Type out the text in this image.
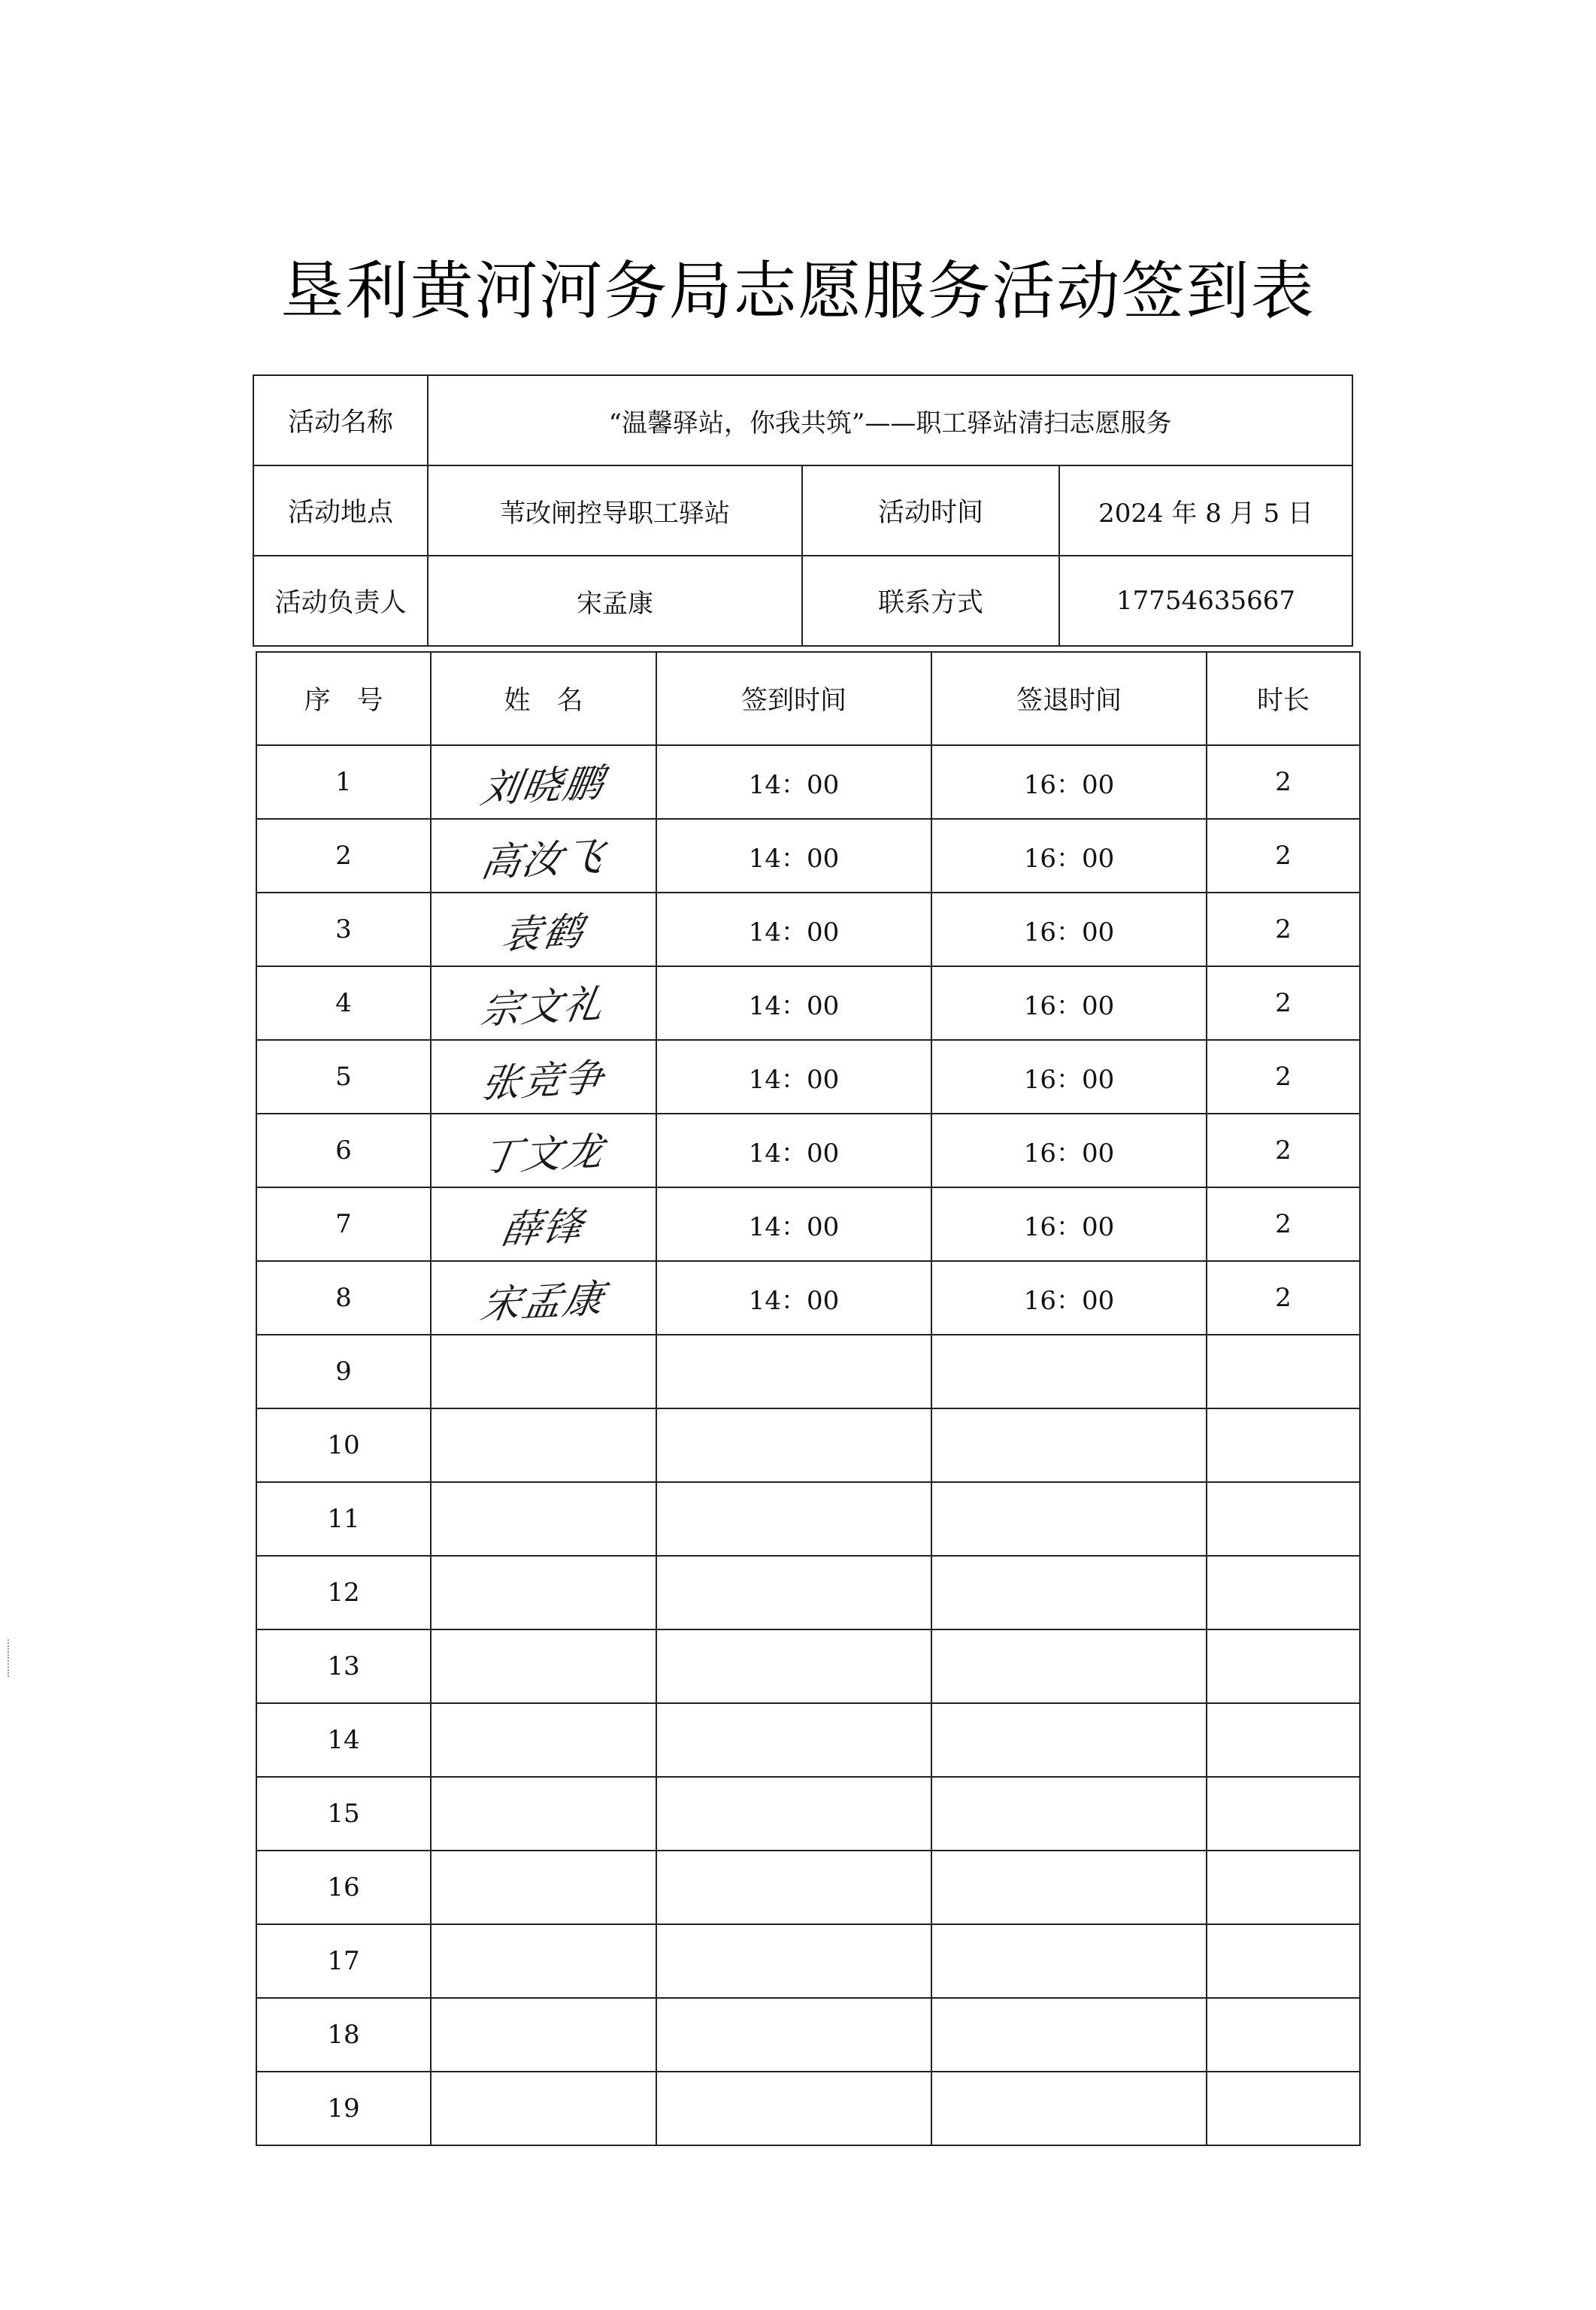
垦利黄河河务局志愿服务活动签到表
活动名称	“温馨驿站，你我共筑”——职工驿站清扫志愿服务		
活动地点	苇改闸控导职工驿站	活动时间	2024 年 8 月 5 日
活动负责人	宋孟康	联系方式	17754635667
序　号	姓　名	签到时间	签退时间	时长
1	刘晓鹏	14：00	16：00	2
2	高汝飞	14：00	16：00	2
3	袁鹤	14：00	16：00	2
4	宗文礼	14：00	16：00	2
5	张竞争	14：00	16：00	2
6	丁文龙	14：00	16：00	2
7	薛锋	14：00	16：00	2
8	宋孟康	14：00	16：00	2
9				
10				
11				
12				
13				
14				
15				
16				
17				
18				
19				
